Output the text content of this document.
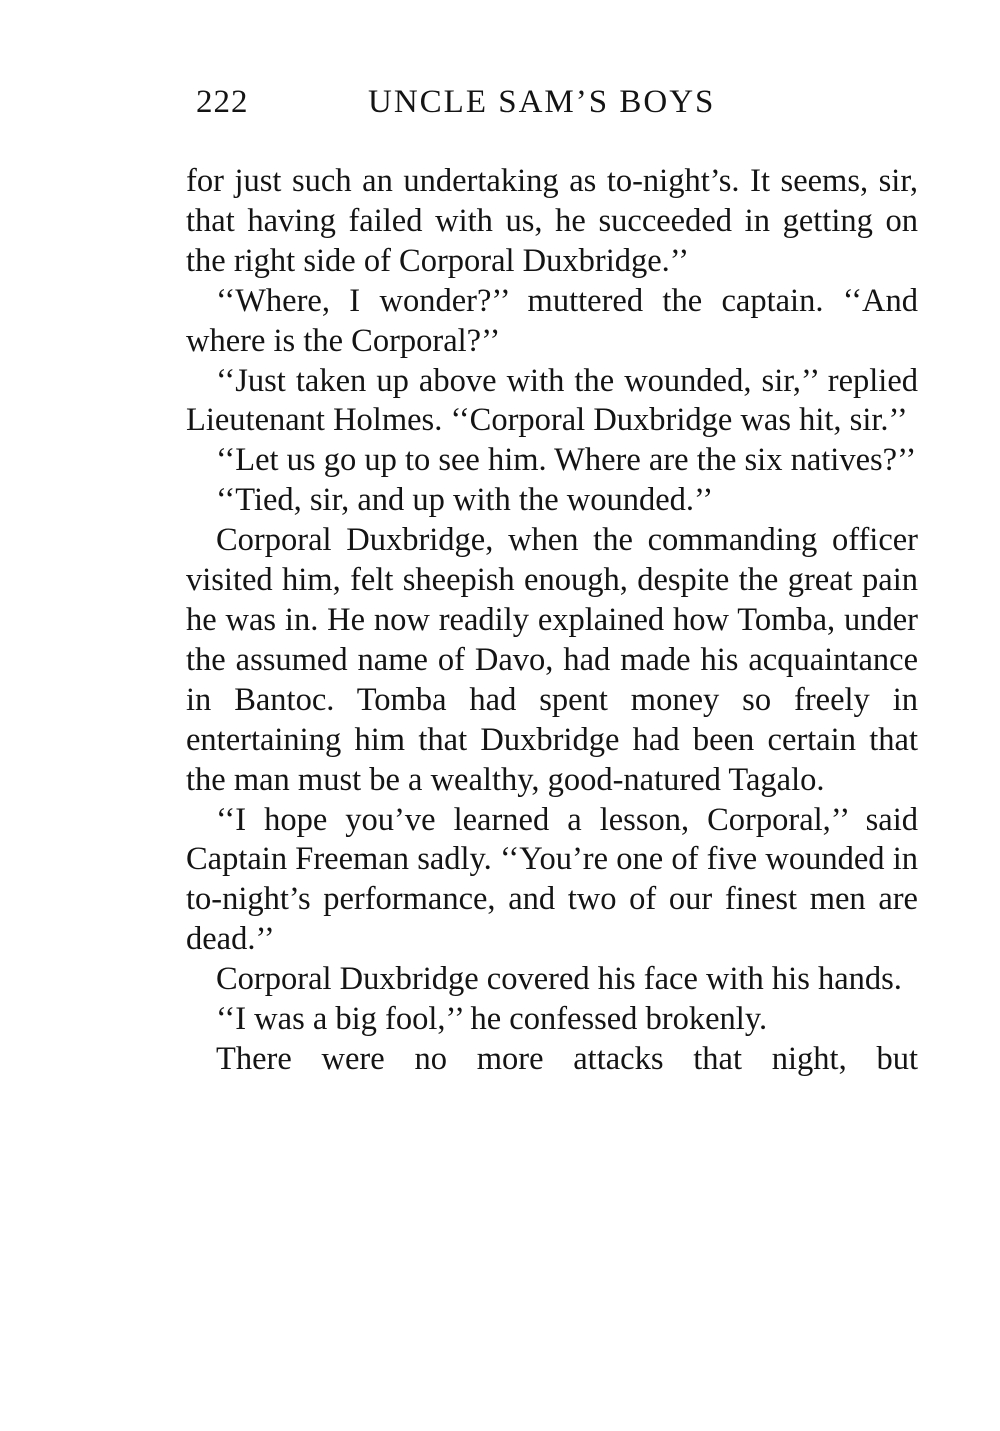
222	UNCLE SAM’S BOYS

for just such an undertaking as to-night’s. It seems, sir, that having failed with us, he succeeded in getting on the right side of Corporal Duxbridge.’’

‘‘Where, I wonder?’’ muttered the captain. ‘‘And where is the Corporal?’’

‘‘Just taken up above with the wounded, sir,’’ replied Lieutenant Holmes. ‘‘Corporal Duxbridge was hit, sir.’’

‘‘Let us go up to see him. Where are the six natives?’’

‘‘Tied, sir, and up with the wounded.’’

Corporal Duxbridge, when the commanding officer visited him, felt sheepish enough, despite the great pain he was in. He now readily explained how Tomba, under the assumed name of Davo, had made his acquaintance in Bantoc. Tomba had spent money so freely in entertaining him that Duxbridge had been certain that the man must be a wealthy, good-natured Tagalo.

‘‘I hope you’ve learned a lesson, Corporal,’’ said Captain Freeman sadly. ‘‘You’re one of five wounded in to-night’s performance, and two of our finest men are dead.’’

Corporal Duxbridge covered his face with his hands.

‘‘I was a big fool,’’ he confessed brokenly.

There were no more attacks that night, but
